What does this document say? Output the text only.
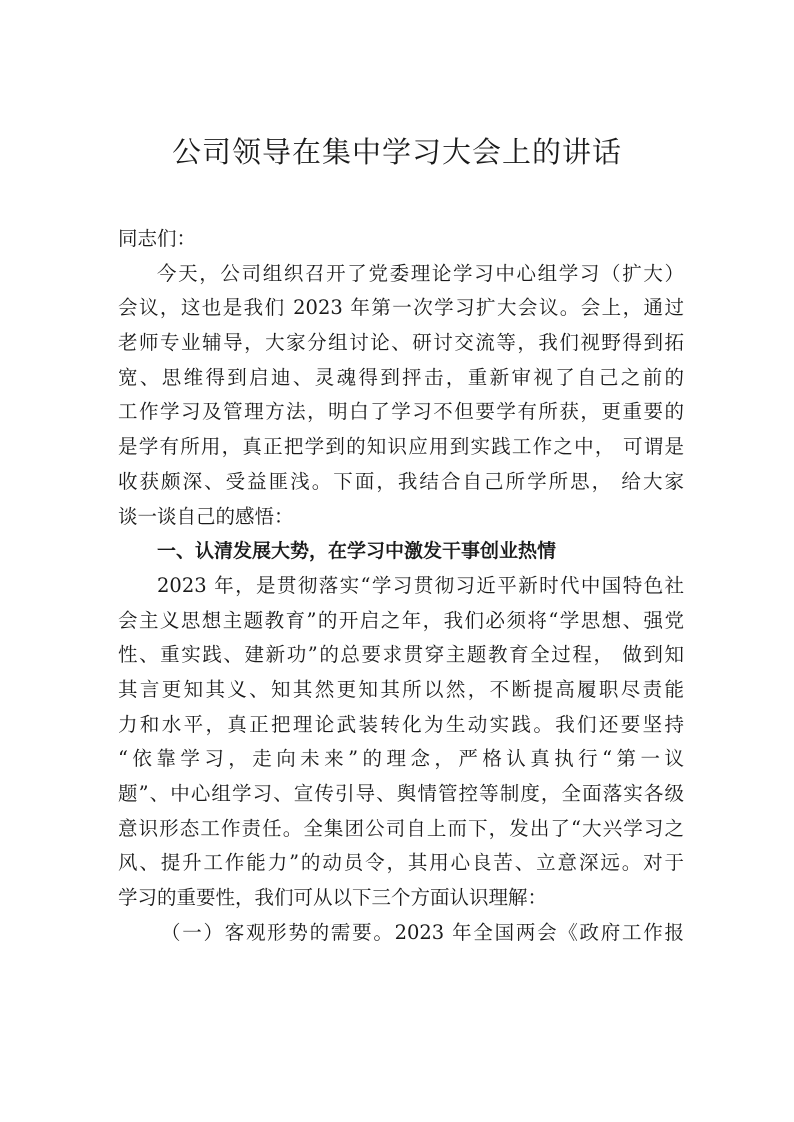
公司领导在集中学习大会上的讲话

同志们：

今天，公司组织召开了党委理论学习中心组学习（扩大）

会议，这也是我们 2023 年第一次学习扩大会议。会上，通过

老师专业辅导，大家分组讨论、研讨交流等，我们视野得到拓

宽、思维得到启迪、灵魂得到抨击，重新审视了自己之前的

工作学习及管理方法，明白了学习不但要学有所获，更重要的

是学有所用，真正把学到的知识应用到实践工作之中， 可谓是

收获颇深、受益匪浅。下面，我结合自己所学所思， 给大家

谈一谈自己的感悟：

一、认清发展大势，在学习中激发干事创业热情

2023 年，是贯彻落实“学习贯彻习近平新时代中国特色社

会主义思想主题教育”的开启之年，我们必须将“学思想、强党

性、重实践、建新功”的总要求贯穿主题教育全过程， 做到知

其言更知其义、知其然更知其所以然，不断提高履职尽责能

力和水平，真正把理论武装转化为生动实践。我们还要坚持

“依靠学习，走向未来”的理念，严格认真执行“第一议

题”、中心组学习、宣传引导、舆情管控等制度，全面落实各级

意识形态工作责任。全集团公司自上而下，发出了“大兴学习之

风、提升工作能力”的动员令，其用心良苦、立意深远。对于

学习的重要性，我们可从以下三个方面认识理解：

（一）客观形势的需要。2023 年全国两会《政府工作报
